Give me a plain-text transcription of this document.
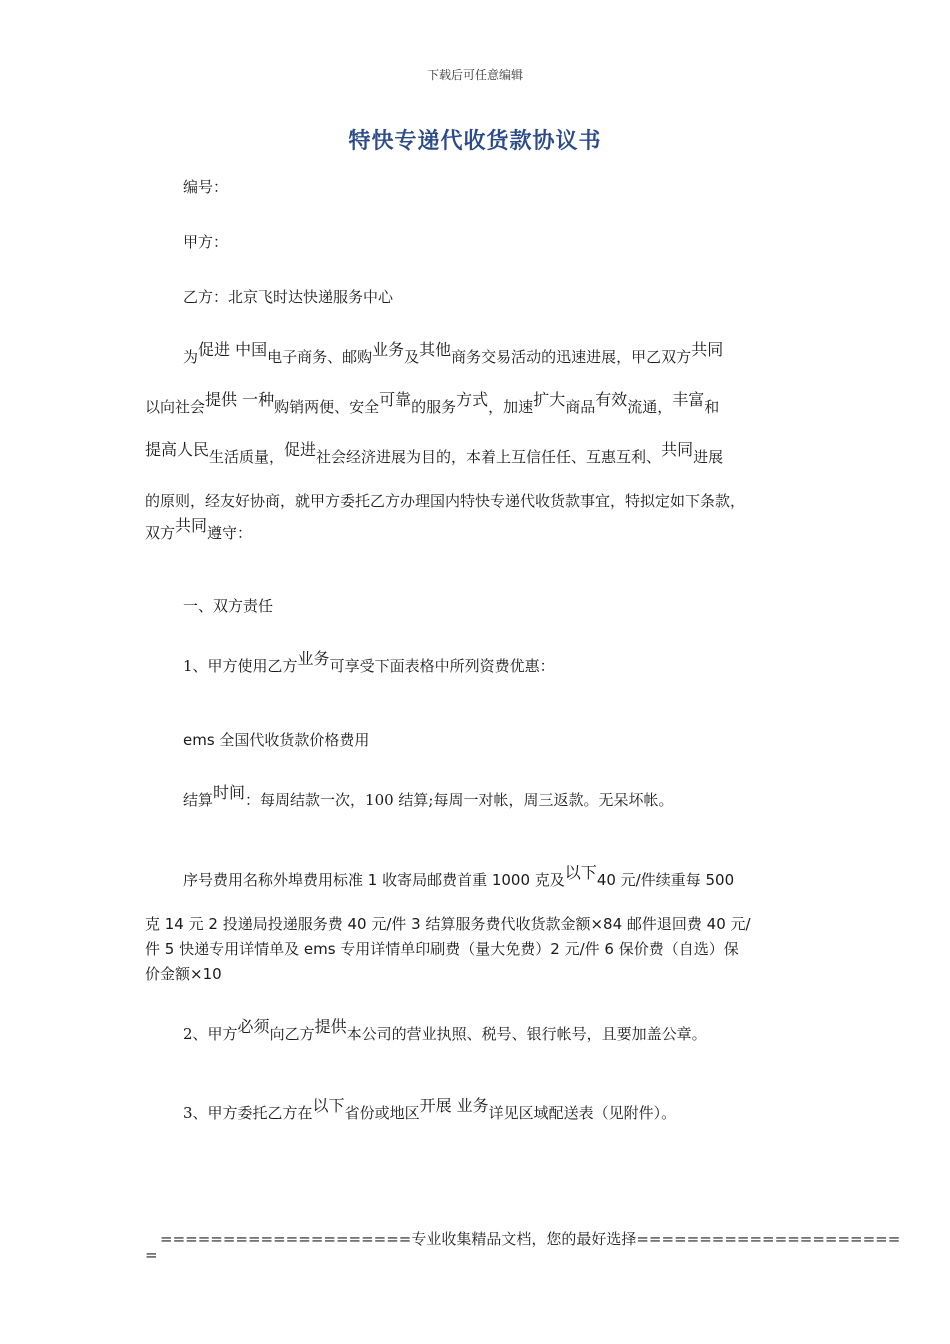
下载后可任意编辑
特快专递代收货款协议书
编号：
甲方：
乙方：北京飞时达快递服务中心
为促进 中国电子商务、邮购业务及其他商务交易活动的迅速进展，甲乙双方共同
以向社会提供 一种购销两便、安全可靠的服务方式，加速扩大商品有效流通，丰富和
提高人民生活质量，促进社会经济进展为目的，本着上互信任任、互惠互利、共同进展
的原则，经友好协商，就甲方委托乙方办理国内特快专递代收货款事宜，特拟定如下条款，
双方共同遵守：
一、双方责任
1、甲方使用乙方业务可享受下面表格中所列资费优惠：
ems 全国代收货款价格费用
结算时间：每周结款一次，100 结算;每周一对帐，周三返款。无呆坏帐。
序号费用名称外埠费用标准 1 收寄局邮费首重 1000 克及以下40 元/件续重每 500
克 14 元 2 投递局投递服务费 40 元/件 3 结算服务费代收货款金额×84 邮件退回费 40 元/
件 5 快递专用详情单及 ems 专用详情单印刷费（量大免费）2 元/件 6 保价费（自选）保
价金额×10
2、甲方必须向乙方提供本公司的营业执照、税号、银行帐号，且要加盖公章。
3、甲方委托乙方在以下省份或地区开展 业务详见区域配送表（见附件）。
====================专业收集精品文档，您的最好选择=====================
=
